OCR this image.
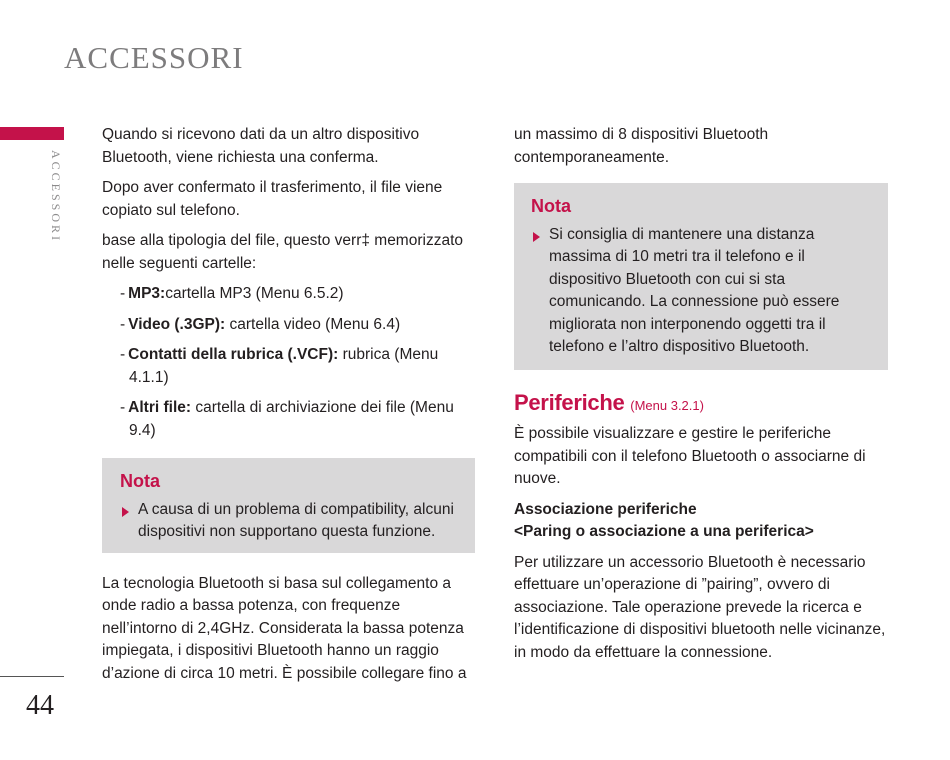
ACCESSORI
ACCESSORI
44

Quando si ricevono dati da un altro dispositivo Bluetooth, viene richiesta una conferma.

Dopo aver confermato il trasferimento, il file viene copiato sul telefono.

base alla tipologia del file, questo verr‡ memorizzato nelle seguenti cartelle:

- MP3:cartella MP3 (Menu 6.5.2)
- Video (.3GP): cartella video (Menu 6.4)
- Contatti della rubrica (.VCF): rubrica (Menu 4.1.1)
- Altri file: cartella di archiviazione dei file (Menu 9.4)
Nota

A causa di un problema di compatibility, alcuni dispositivi non supportano questa funzione.

La tecnologia Bluetooth si basa sul collegamento a onde radio a bassa potenza, con frequenze nell’intorno di 2,4GHz. Considerata la bassa potenza impiegata, i dispositivi Bluetooth hanno un raggio d’azione di circa 10 metri. È possibile collegare fino a

un massimo di 8 dispositivi Bluetooth contemporaneamente.

Nota

Si consiglia di mantenere una distanza massima di 10 metri tra il telefono e il dispositivo Bluetooth con cui si sta comunicando. La connessione può essere migliorata non interponendo oggetti tra il telefono e l’altro dispositivo Bluetooth.

Periferiche (Menu 3.2.1)

È possibile visualizzare e gestire le periferiche compatibili con il telefono Bluetooth o associarne di nuove.

Associazione periferiche
<Paring o associazione a una periferica>

Per utilizzare un accessorio Bluetooth è necessario effettuare un’operazione di ”pairing”, ovvero di associazione. Tale operazione prevede la ricerca e l’identificazione di dispositivi bluetooth nelle vicinanze, in modo da effettuare la connessione.
